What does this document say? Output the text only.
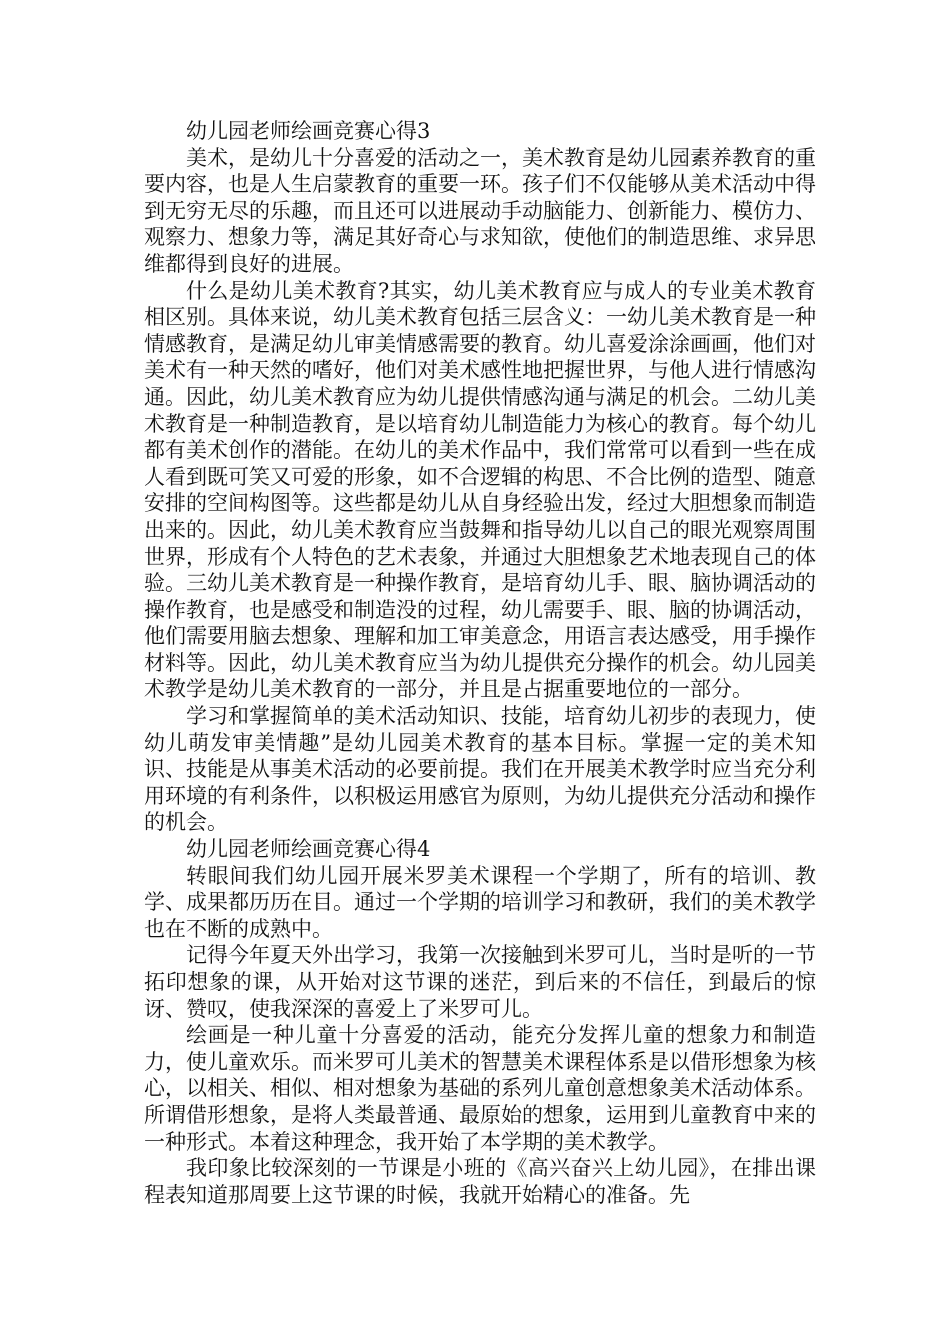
幼儿园老师绘画竞赛心得3

美术，是幼儿十分喜爱的活动之一，美术教育是幼儿园素养教育的重要内容，也是人生启蒙教育的重要一环。孩子们不仅能够从美术活动中得到无穷无尽的乐趣，而且还可以进展动手动脑能力、创新能力、模仿力、观察力、想象力等，满足其好奇心与求知欲，使他们的制造思维、求异思维都得到良好的进展。

什么是幼儿美术教育?其实，幼儿美术教育应与成人的专业美术教育相区别。具体来说，幼儿美术教育包括三层含义：一幼儿美术教育是一种情感教育，是满足幼儿审美情感需要的教育。幼儿喜爱涂涂画画，他们对美术有一种天然的嗜好，他们对美术感性地把握世界，与他人进行情感沟通。因此，幼儿美术教育应为幼儿提供情感沟通与满足的机会。二幼儿美术教育是一种制造教育，是以培育幼儿制造能力为核心的教育。每个幼儿都有美术创作的潜能。在幼儿的美术作品中，我们常常可以看到一些在成人看到既可笑又可爱的形象，如不合逻辑的构思、不合比例的造型、随意安排的空间构图等。这些都是幼儿从自身经验出发，经过大胆想象而制造出来的。因此，幼儿美术教育应当鼓舞和指导幼儿以自己的眼光观察周围世界，形成有个人特色的艺术表象，并通过大胆想象艺术地表现自己的体验。三幼儿美术教育是一种操作教育，是培育幼儿手、眼、脑协调活动的操作教育，也是感受和制造没的过程，幼儿需要手、眼、脑的协调活动，他们需要用脑去想象、理解和加工审美意念，用语言表达感受，用手操作材料等。因此，幼儿美术教育应当为幼儿提供充分操作的机会。幼儿园美术教学是幼儿美术教育的一部分，并且是占据重要地位的一部分。

学习和掌握简单的美术活动知识、技能，培育幼儿初步的表现力，使幼儿萌发审美情趣”是幼儿园美术教育的基本目标。掌握一定的美术知识、技能是从事美术活动的必要前提。我们在开展美术教学时应当充分利用环境的有利条件，以积极运用感官为原则，为幼儿提供充分活动和操作的机会。

幼儿园老师绘画竞赛心得4

转眼间我们幼儿园开展米罗美术课程一个学期了，所有的培训、教学、成果都历历在目。通过一个学期的培训学习和教研，我们的美术教学也在不断的成熟中。

记得今年夏天外出学习，我第一次接触到米罗可儿，当时是听的一节拓印想象的课，从开始对这节课的迷茫，到后来的不信任，到最后的惊讶、赞叹，使我深深的喜爱上了米罗可儿。

绘画是一种儿童十分喜爱的活动，能充分发挥儿童的想象力和制造力，使儿童欢乐。而米罗可儿美术的智慧美术课程体系是以借形想象为核心，以相关、相似、相对想象为基础的系列儿童创意想象美术活动体系。所谓借形想象，是将人类最普通、最原始的想象，运用到儿童教育中来的一种形式。本着这种理念，我开始了本学期的美术教学。

我印象比较深刻的一节课是小班的《高兴奋兴上幼儿园》，在排出课程表知道那周要上这节课的时候，我就开始精心的准备。先
